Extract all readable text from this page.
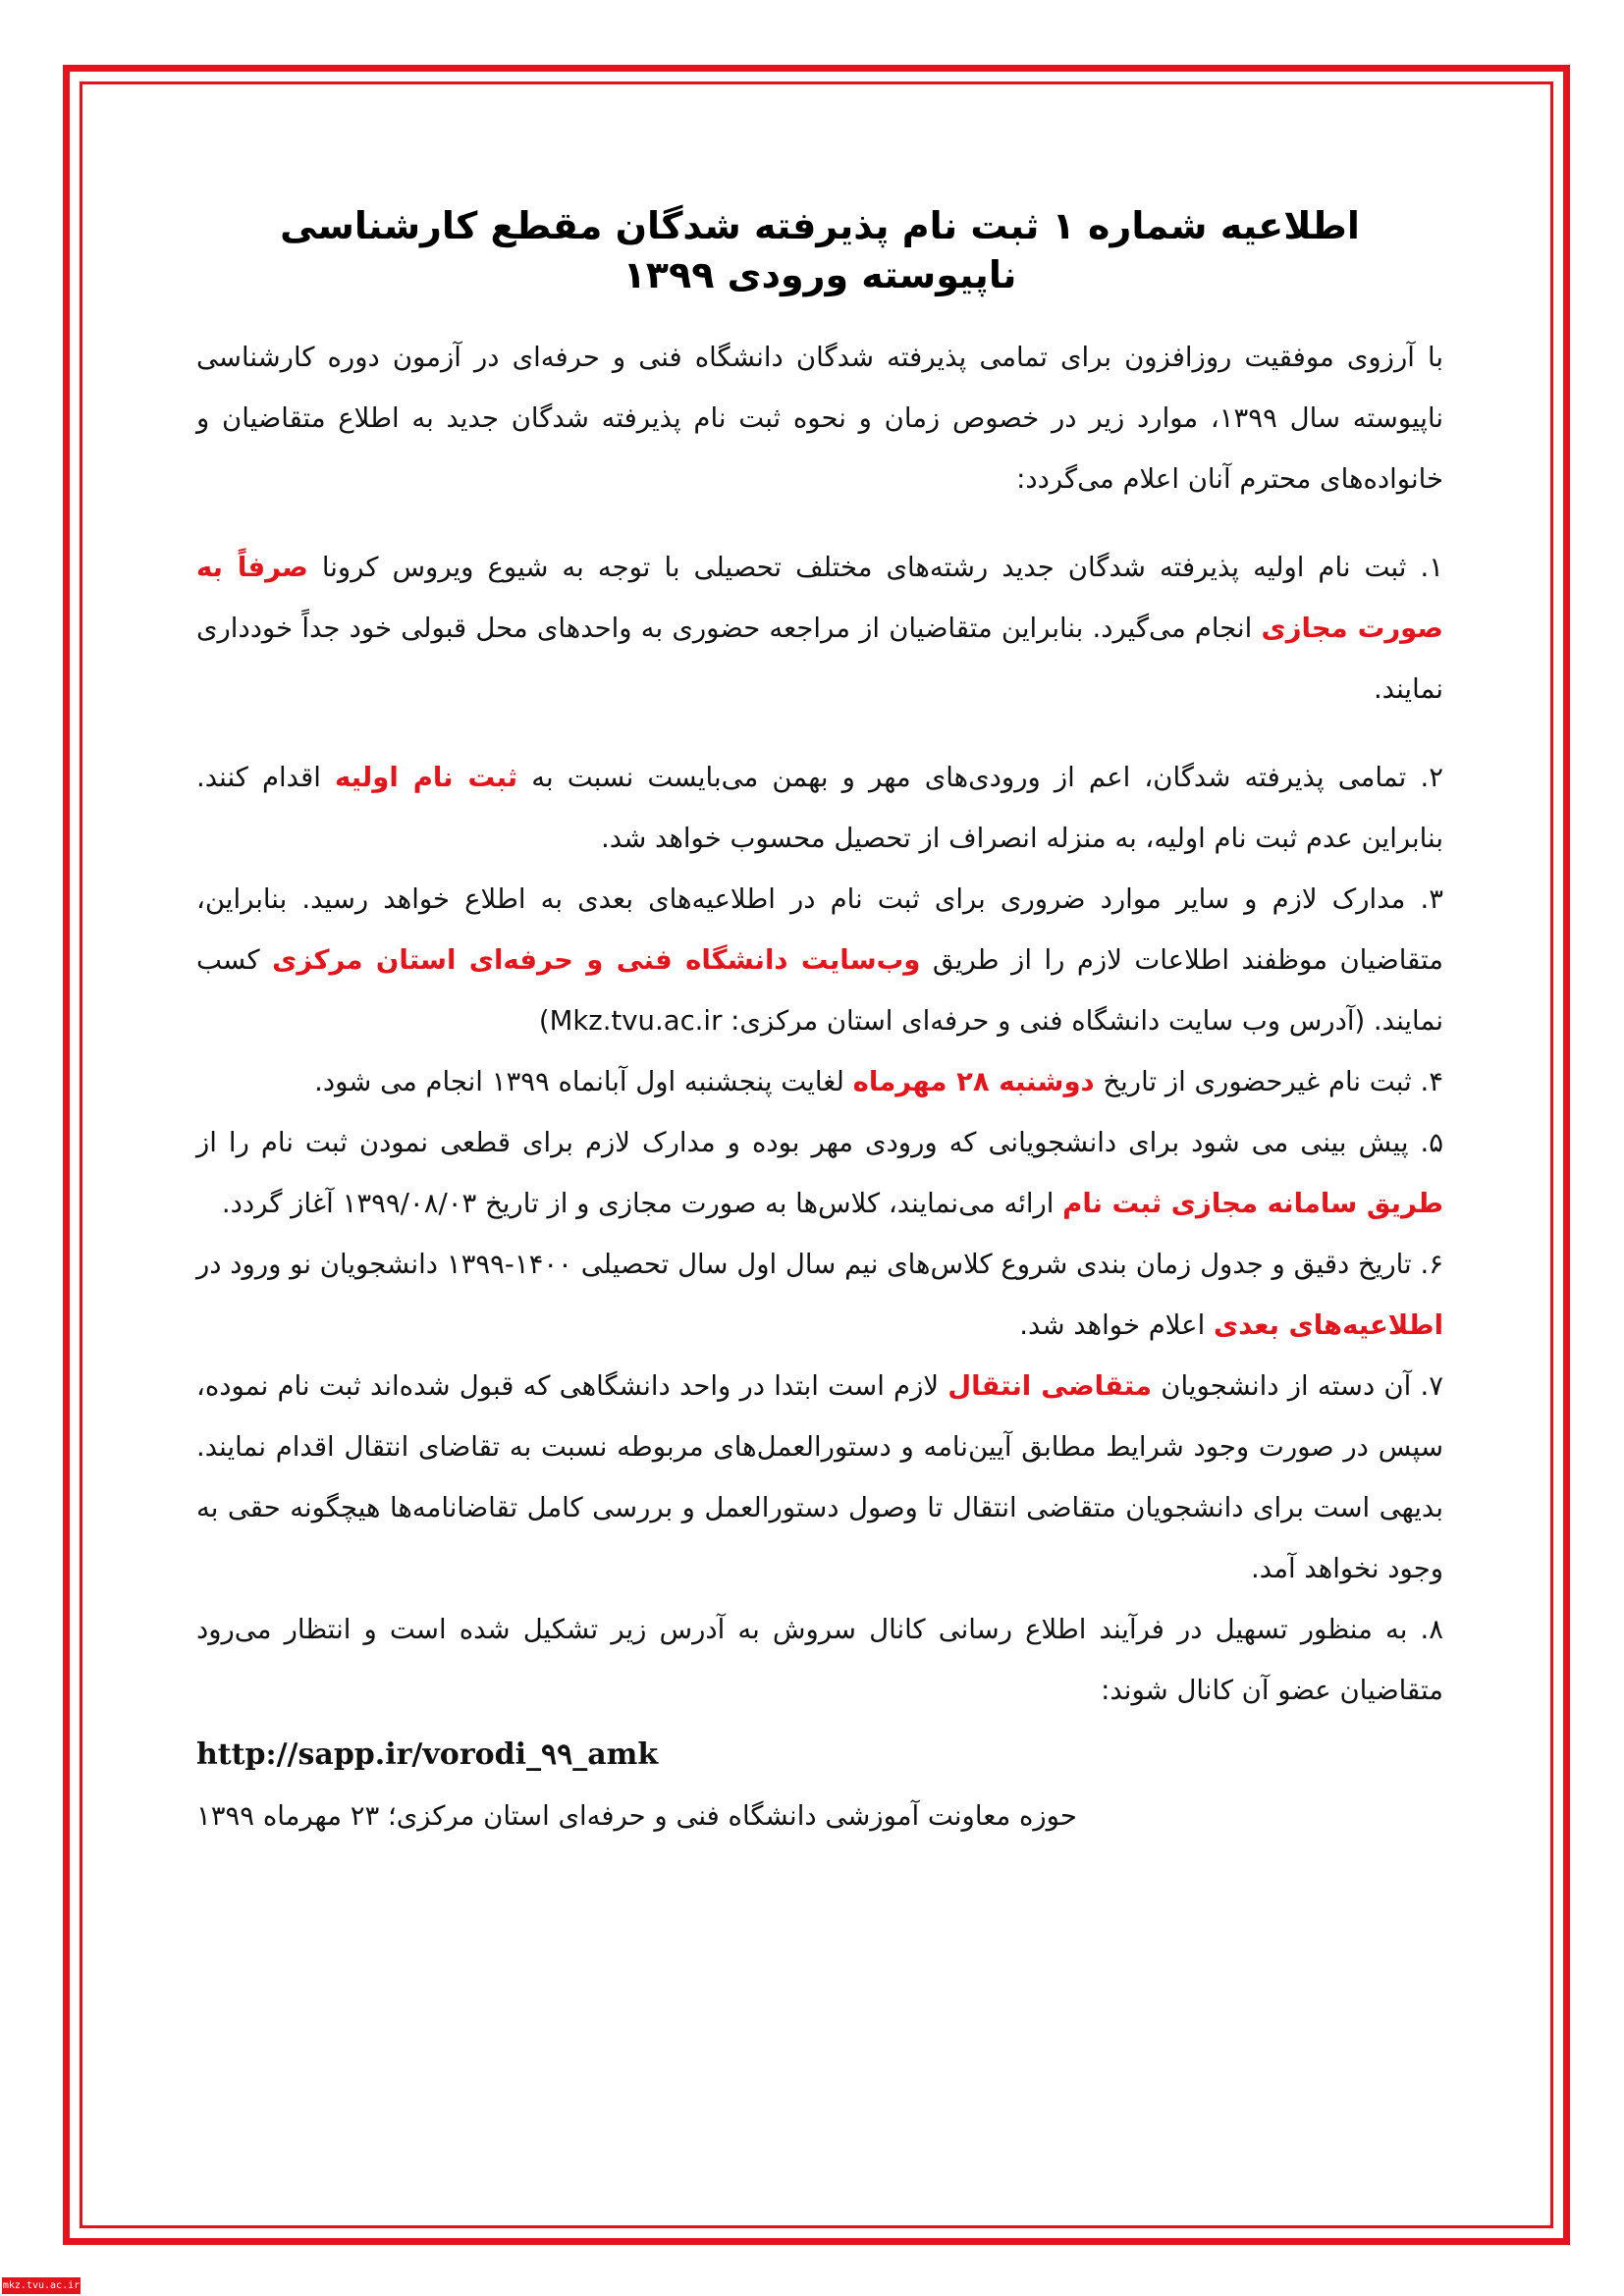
اطلاعیه شماره ۱ ثبت نام پذیرفته شدگان مقطع کارشناسی ناپیوسته ورودی ۱۳۹۹

با آرزوی موفقیت روزافزون برای تمامی پذیرفته شدگان دانشگاه فنی و حرفه‌ای در آزمون دوره کارشناسی ناپیوسته سال ۱۳۹۹، موارد زیر در خصوص زمان و نحوه ثبت نام پذیرفته شدگان جدید به اطلاع متقاضیان و خانواده‌های محترم آنان اعلام می‌گردد:

۱. ثبت نام اولیه پذیرفته شدگان جدید رشته‌های مختلف تحصیلی با توجه به شیوع ویروس کرونا صرفاً به صورت مجازی انجام می‌گیرد. بنابراین متقاضیان از مراجعه حضوری به واحدهای محل قبولی خود جداً خودداری نمایند.

۲. تمامی پذیرفته شدگان، اعم از ورودی‌های مهر و بهمن می‌بایست نسبت به ثبت نام اولیه اقدام کنند. بنابراین عدم ثبت نام اولیه، به منزله انصراف از تحصیل محسوب خواهد شد.

۳. مدارک لازم و سایر موارد ضروری برای ثبت نام در اطلاعیه‌های بعدی به اطلاع خواهد رسید. بنابراین، متقاضیان موظفند اطلاعات لازم را از طریق وب‌سایت دانشگاه فنی و حرفه‌ای استان مرکزی کسب نمایند. (آدرس وب سایت دانشگاه فنی و حرفه‌ای استان مرکزی: Mkz.tvu.ac.ir)

۴. ثبت نام غیرحضوری از تاریخ دوشنبه ۲۸ مهرماه لغایت پنجشنبه اول آبانماه ۱۳۹۹ انجام می شود.

۵. پیش بینی می شود برای دانشجویانی که ورودی مهر بوده و مدارک لازم برای قطعی نمودن ثبت نام را از طریق سامانه مجازی ثبت نام ارائه می‌نمایند، کلاس‌ها به صورت مجازی و از تاریخ ۱۳۹۹/۰۸/۰۳ آغاز گردد.

۶. تاریخ دقیق و جدول زمان بندی شروع کلاس‌های نیم سال اول سال تحصیلی ۱۴۰۰-۱۳۹۹ دانشجویان نو ورود در اطلاعیه‌های بعدی اعلام خواهد شد.

۷. آن دسته از دانشجویان متقاضی انتقال لازم است ابتدا در واحد دانشگاهی که قبول شده‌اند ثبت نام نموده، سپس در صورت وجود شرایط مطابق آیین‌نامه و دستورالعمل‌های مربوطه نسبت به تقاضای انتقال اقدام نمایند. بدیهی است برای دانشجویان متقاضی انتقال تا وصول دستورالعمل و بررسی کامل تقاضانامه‌ها هیچگونه حقی به وجود نخواهد آمد.

۸. به منظور تسهیل در فرآیند اطلاع رسانی کانال سروش به آدرس زیر تشکیل شده است و انتظار می‌رود متقاضیان عضو آن کانال شوند:

http://sapp.ir/vorodi_۹۹_amk

حوزه معاونت آموزشی دانشگاه فنی و حرفه‌ای استان مرکزی؛ ۲۳ مهرماه ۱۳۹۹

mkz.tvu.ac.ir
